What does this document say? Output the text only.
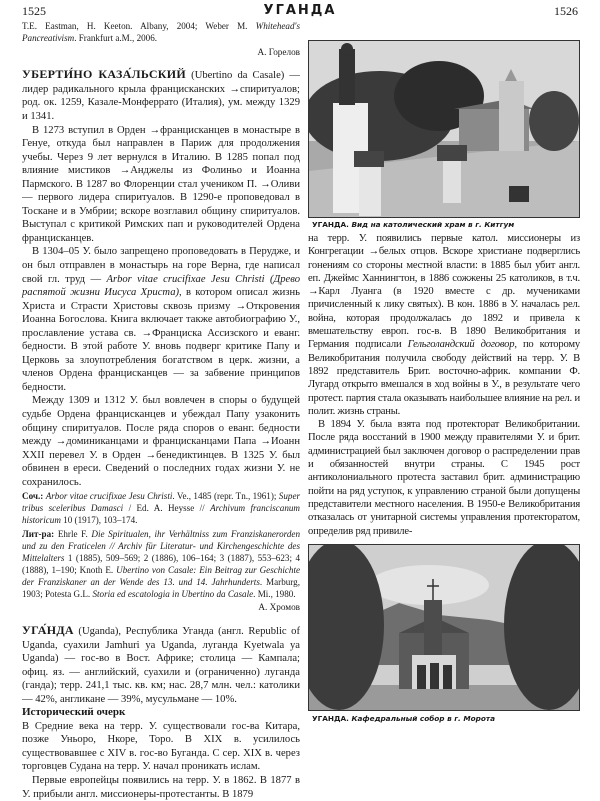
1525	УГАНДА	1526
T.E. Eastman, H. Keeton. Albany, 2004; Weber M. Whitehead's Pancreativism. Frankfurt a.M., 2006.
А. Горелов

УБЕРТИ́НО КАЗА́ЛЬСКИЙ (Ubertino da Casale) — лидер радикального крыла францисканских →спиритуалов; род. ок. 1259, Казале-Монферрато (Италия), ум. между 1329 и 1341.

В 1273 вступил в Орден →францисканцев в монастыре в Генуе, откуда был направлен в Париж для продолжения учебы. Через 9 лет вернулся в Италию. В 1285 попал под влияние мистиков →Анджелы из Фолиньо и Иоанна Пармского. В 1287 во Флоренции стал учеником П. →Оливи — первого лидера спиритуалов. В 1290-е проповедовал в Тоскане и в Умбрии; вскоре возглавил общину спиритуалов. Выступал с критикой Римских пап и руководителей Ордена францисканцев.

В 1304–05 У. было запрещено проповедовать в Перудже, и он был отправлен в монастырь на горе Верна, где написал свой гл. труд — Arbor vitae crucifixae Jesu Christi (Древо распятой жизни Иисуса Христа), в котором описал жизнь Христа и Страсти Христовы сквозь призму →Откровения Иоанна Богослова. Книга включает также автобиографию У., прославление устава св. →Франциска Ассизского и еванг. бедности. В этой работе У. вновь подверг критике Папу и Церковь за злоупотребления богатством в церк. жизни, а членов Ордена францисканцев — за забвение принципов бедности.

Между 1309 и 1312 У. был вовлечен в споры о будущей судьбе Ордена францисканцев и убеждал Папу узаконить общину спиритуалов. После ряда споров о еванг. бедности между →доминиканцами и францисканцами Папа →Иоанн XXII перевел У. в Орден →бенедиктинцев. В 1325 У. был обвинен в ереси. Сведений о последних годах жизни У. не сохранилось.

Соч.: Arbor vitae crucifixae Jesu Christi. Ve., 1485 (repr. Tn., 1961); Super tribus sceleribus Damasci / Ed. A. Heysse // Archivum franciscanum historicum 10 (1917), 103–174.
Лит-ра: Ehrle F. Die Spiritualen, ihr Verhältniss zum Franziskanerorden und zu den Fraticelen // Archiv für Literatur- und Kirchengeschichte des Mittelalters 1 (1885), 509–569; 2 (1886), 106–164; 3 (1887), 553–623; 4 (1888), 1–190; Knoth E. Ubertino von Casale: Ein Beitrag zur Geschichte der Franziskaner an der Wende des 13. und 14. Jahrhunderts. Marburg, 1903; Potesta G.L. Storia ed escatologia in Ubertino da Casale. Mi., 1980.
А. Хромов

УГА́НДА (Uganda), Республика Уганда (англ. Republic of Uganda, суахили Jamhuri ya Uganda, луганда Kyetwala ya Uganda) — гос-во в Вост. Африке; столица — Кампала; офиц. яз. — английский, суахили и (ограниченно) луганда (ганда); терр. 241,1 тыс. кв. км; нас. 28,7 млн. чел.: католики — 42%, англикане — 39%, мусульмане — 10%.

Исторический очерк

В Средние века на терр. У. существовали гос-ва Китара, позже Уньоро, Нкоре, Торо. В XIX в. усилилось существовавшее с XIV в. гос-во Буганда. С сер. XIX в. через торговцев Судана на терр. У. начал проникать ислам.

Первые европейцы появились на терр. У. в 1862. В 1877 в У. прибыли англ. миссионеры-протестанты. В 1879

УГАНДА. Вид на католический храм в г. Китгум

на терр. У. появились первые катол. миссионеры из Конгрегации →белых отцов. Вскоре христиане подверглись гонениям со стороны местной власти: в 1885 был убит англ. еп. Джеймс Ханнингтон, в 1886 сожжены 25 католиков, в т.ч. →Карл Луанга (в 1920 вместе с др. мучениками причисленный к лику святых). В кон. 1886 в У. началась рел. война, которая продолжалась до 1892 и привела к вмешательству европ. гос-в. В 1890 Великобритания и Германия подписали Гельголандский договор, по которому Великобритания получила свободу действий на терр. У. В 1892 представитель Брит. восточно-африк. компании Ф. Лугард открыто вмешался в ход войны в У., в результате чего протест. партия стала оказывать наибольшее влияние на рел. и полит. жизнь страны.

В 1894 У. была взята под протекторат Великобритании. После ряда восстаний в 1900 между правителями У. и брит. администрацией был заключен договор о распределении прав и обязанностей внутри страны. С 1945 рост антиколониального протеста заставил брит. администрацию пойти на ряд уступок, к управлению страной были допущены представители местного населения. В 1950-е Великобритания отказалась от унитарной системы управления протекторатом, определив ряд привиле-

УГАНДА. Кафедральный собор в г. Морота
